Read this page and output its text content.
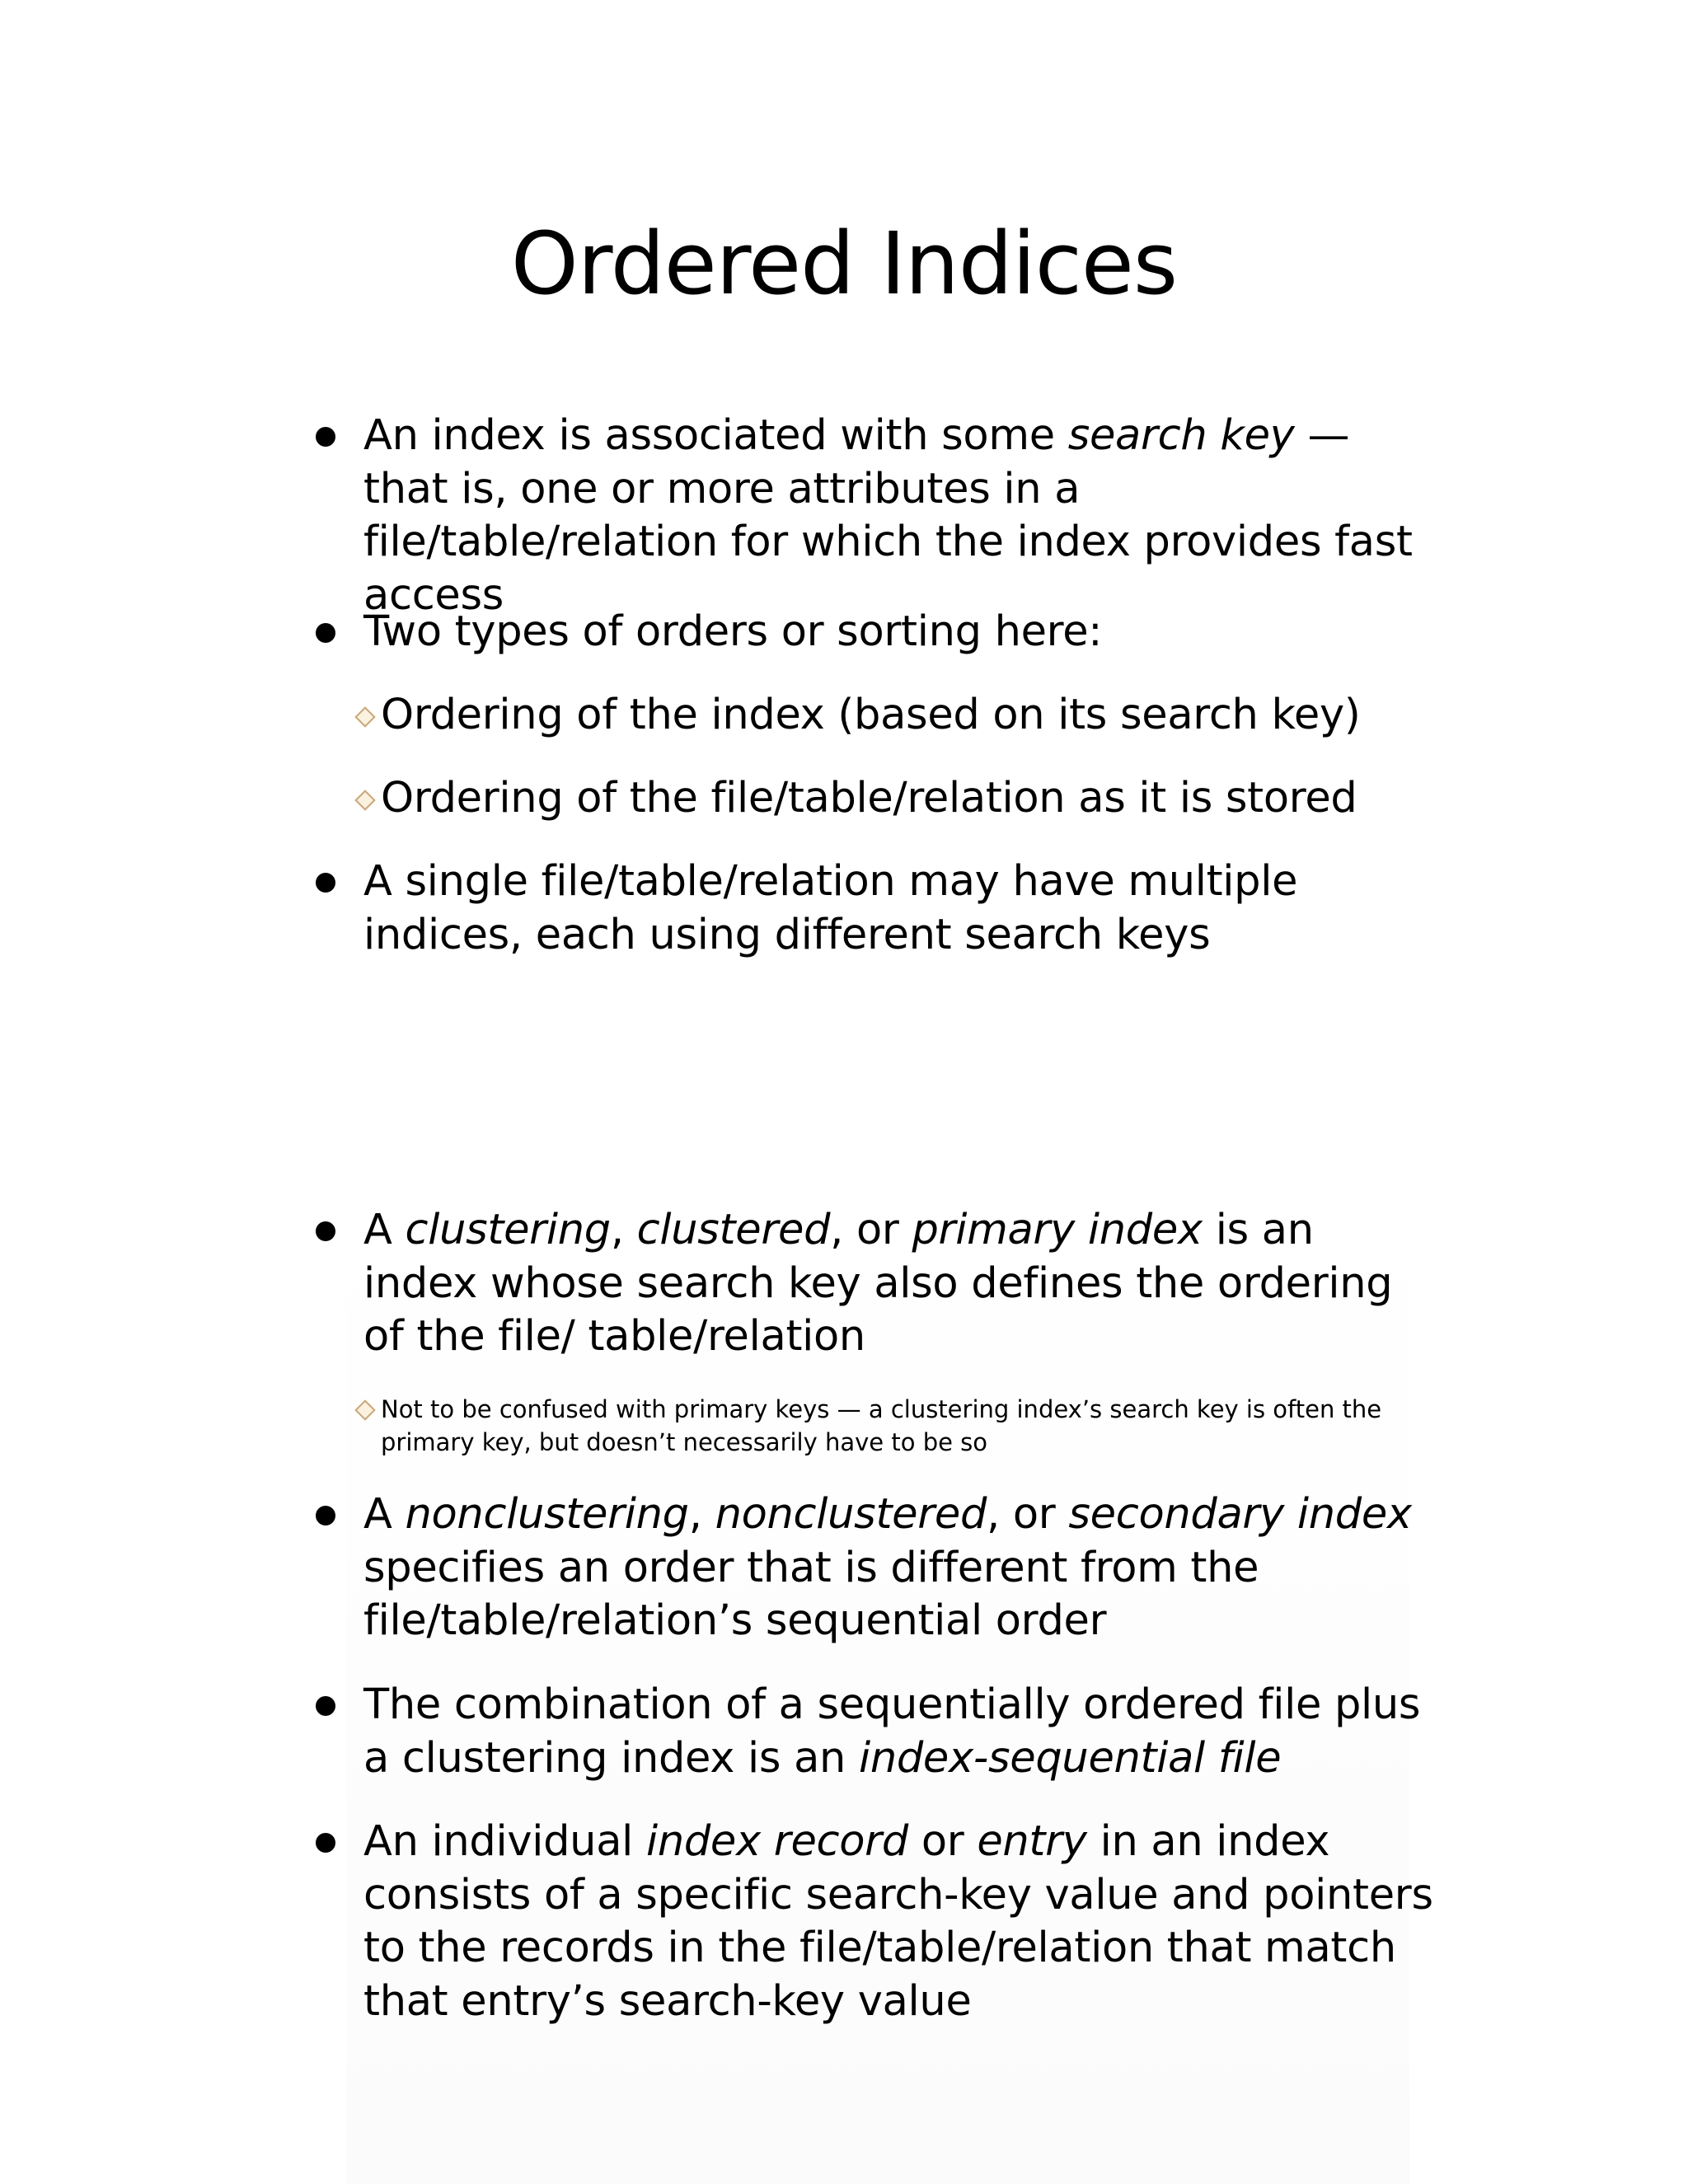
Ordered Indices

An index is associated with some search key — that is, one or more attributes in a file/table/relation for which the index provides fast access

Two types of orders or sorting here:

Ordering of the index (based on its search key)

Ordering of the file/table/relation as it is stored

A single file/table/relation may have multiple indices, each using different search keys

A clustering, clustered, or primary index is an index whose search key also defines the ordering of the file/ table/relation

Not to be confused with primary keys — a clustering index’s search key is often the primary key, but doesn’t necessarily have to be so

A nonclustering, nonclustered, or secondary index specifies an order that is different from the file/table/relation’s sequential order

The combination of a sequentially ordered file plus a clustering index is an index-sequential file

An individual index record or entry in an index consists of a specific search-key value and pointers to the records in the file/table/relation that match that entry’s search-key value
